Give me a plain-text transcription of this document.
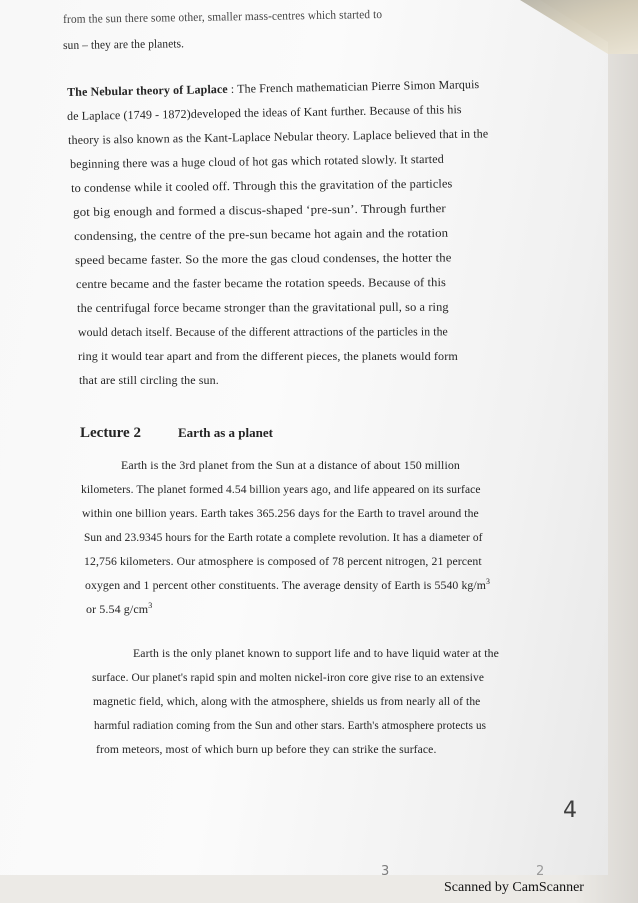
from the sun there some other, smaller mass-centres which started to
sun – they are the planets.
The Nebular theory of Laplace : The French mathematician Pierre Simon Marquis
de Laplace (1749 - 1872)developed the ideas of Kant further. Because of this his
theory is also known as the Kant-Laplace Nebular theory. Laplace believed that in the
beginning there was a huge cloud of hot gas which rotated slowly. It started
to condense while it cooled off. Through this the gravitation of the particles
got big enough and formed a discus-shaped ‘pre-sun’. Through further
condensing, the centre of the pre-sun became hot again and the rotation
speed became faster. So the more the gas cloud condenses, the hotter the
centre became and the faster became the rotation speeds. Because of this
the centrifugal force became stronger than the gravitational pull, so a ring
would detach itself. Because of the different attractions of the particles in the
ring it would tear apart and from the different pieces, the planets would form
that are still circling the sun.
Lecture 2	Earth as a planet
Earth is the 3rd planet from the Sun at a distance of about 150 million
kilometers. The planet formed 4.54 billion years ago, and life appeared on its surface
within one billion years. Earth takes 365.256 days for the Earth to travel around the
Sun and 23.9345 hours for the Earth rotate a complete revolution. It has a diameter of
12,756 kilometers. Our atmosphere is composed of 78 percent nitrogen, 21 percent
oxygen and 1 percent other constituents. The average density of Earth is 5540 $kg/m^3$
or 5.54 $g/cm^3$
Earth is the only planet known to support life and to have liquid water at the
surface. Our planet's rapid spin and molten nickel-iron core give rise to an extensive
magnetic field, which, along with the atmosphere, shields us from nearly all of the
harmful radiation coming from the Sun and other stars. Earth's atmosphere protects us
from meteors, most of which burn up before they can strike the surface.
4
3	2
Scanned by CamScanner
